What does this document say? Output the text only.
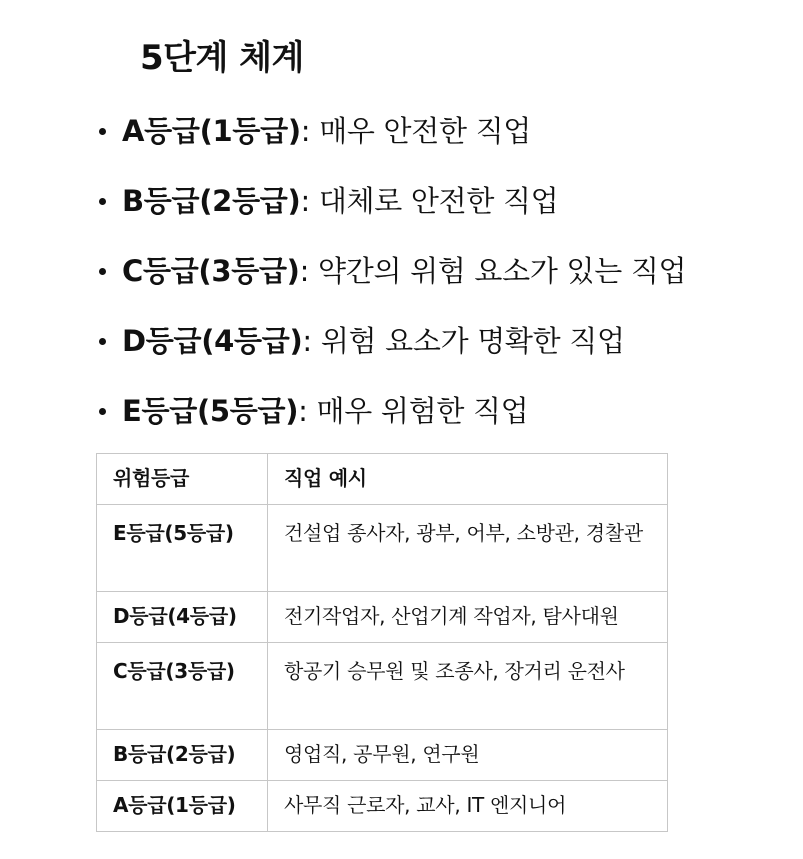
5단계 체계
A등급(1등급): 매우 안전한 직업
B등급(2등급): 대체로 안전한 직업
C등급(3등급): 약간의 위험 요소가 있는 직업
D등급(4등급): 위험 요소가 명확한 직업
E등급(5등급): 매우 위험한 직업
위험등급	직업 예시
E등급(5등급)	건설업 종사자, 광부, 어부, 소방관, 경찰관
D등급(4등급)	전기작업자, 산업기계 작업자, 탐사대원
C등급(3등급)	항공기 승무원 및 조종사, 장거리 운전사
B등급(2등급)	영업직, 공무원, 연구원
A등급(1등급)	사무직 근로자, 교사, IT 엔지니어
